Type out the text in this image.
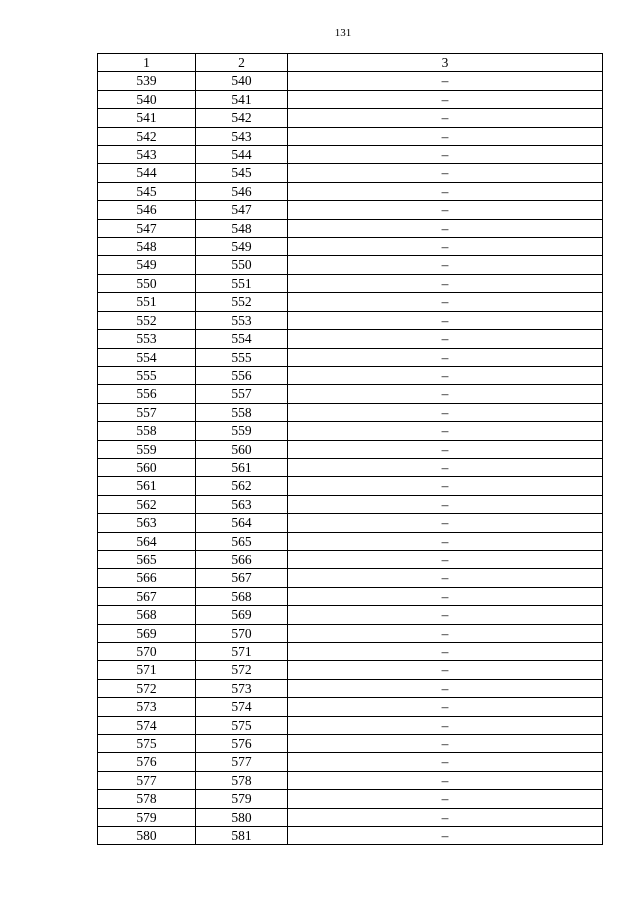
131
1	2	3
539	540	–
540	541	–
541	542	–
542	543	–
543	544	–
544	545	–
545	546	–
546	547	–
547	548	–
548	549	–
549	550	–
550	551	–
551	552	–
552	553	–
553	554	–
554	555	–
555	556	–
556	557	–
557	558	–
558	559	–
559	560	–
560	561	–
561	562	–
562	563	–
563	564	–
564	565	–
565	566	–
566	567	–
567	568	–
568	569	–
569	570	–
570	571	–
571	572	–
572	573	–
573	574	–
574	575	–
575	576	–
576	577	–
577	578	–
578	579	–
579	580	–
580	581	–
